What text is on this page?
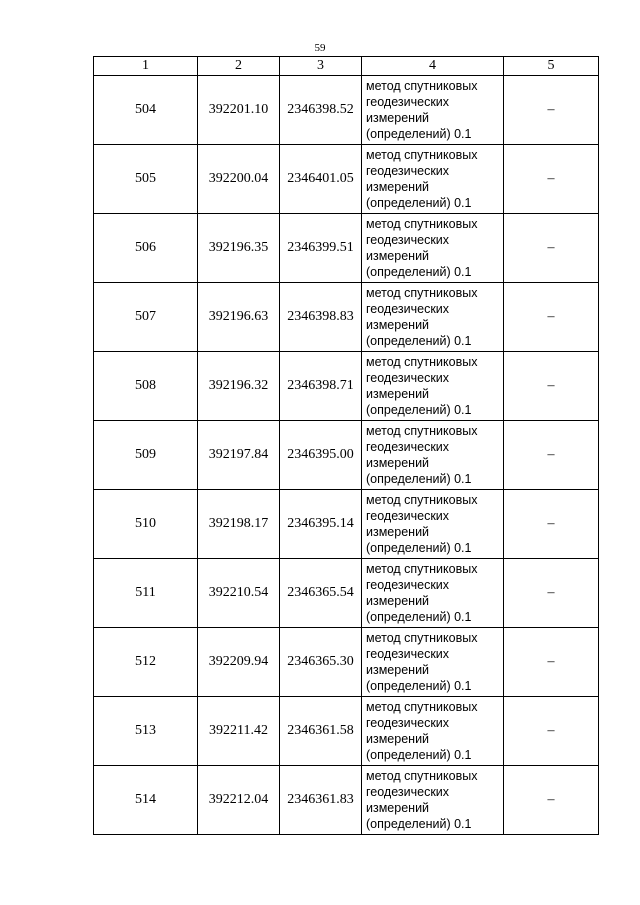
59
1	2	3	4	5
504	392201.10	2346398.52	метод спутниковых
геодезических
измерений
(определений) 0.1	–
505	392200.04	2346401.05	метод спутниковых
геодезических
измерений
(определений) 0.1	–
506	392196.35	2346399.51	метод спутниковых
геодезических
измерений
(определений) 0.1	–
507	392196.63	2346398.83	метод спутниковых
геодезических
измерений
(определений) 0.1	–
508	392196.32	2346398.71	метод спутниковых
геодезических
измерений
(определений) 0.1	–
509	392197.84	2346395.00	метод спутниковых
геодезических
измерений
(определений) 0.1	–
510	392198.17	2346395.14	метод спутниковых
геодезических
измерений
(определений) 0.1	–
511	392210.54	2346365.54	метод спутниковых
геодезических
измерений
(определений) 0.1	–
512	392209.94	2346365.30	метод спутниковых
геодезических
измерений
(определений) 0.1	–
513	392211.42	2346361.58	метод спутниковых
геодезических
измерений
(определений) 0.1	–
514	392212.04	2346361.83	метод спутниковых
геодезических
измерений
(определений) 0.1	–
